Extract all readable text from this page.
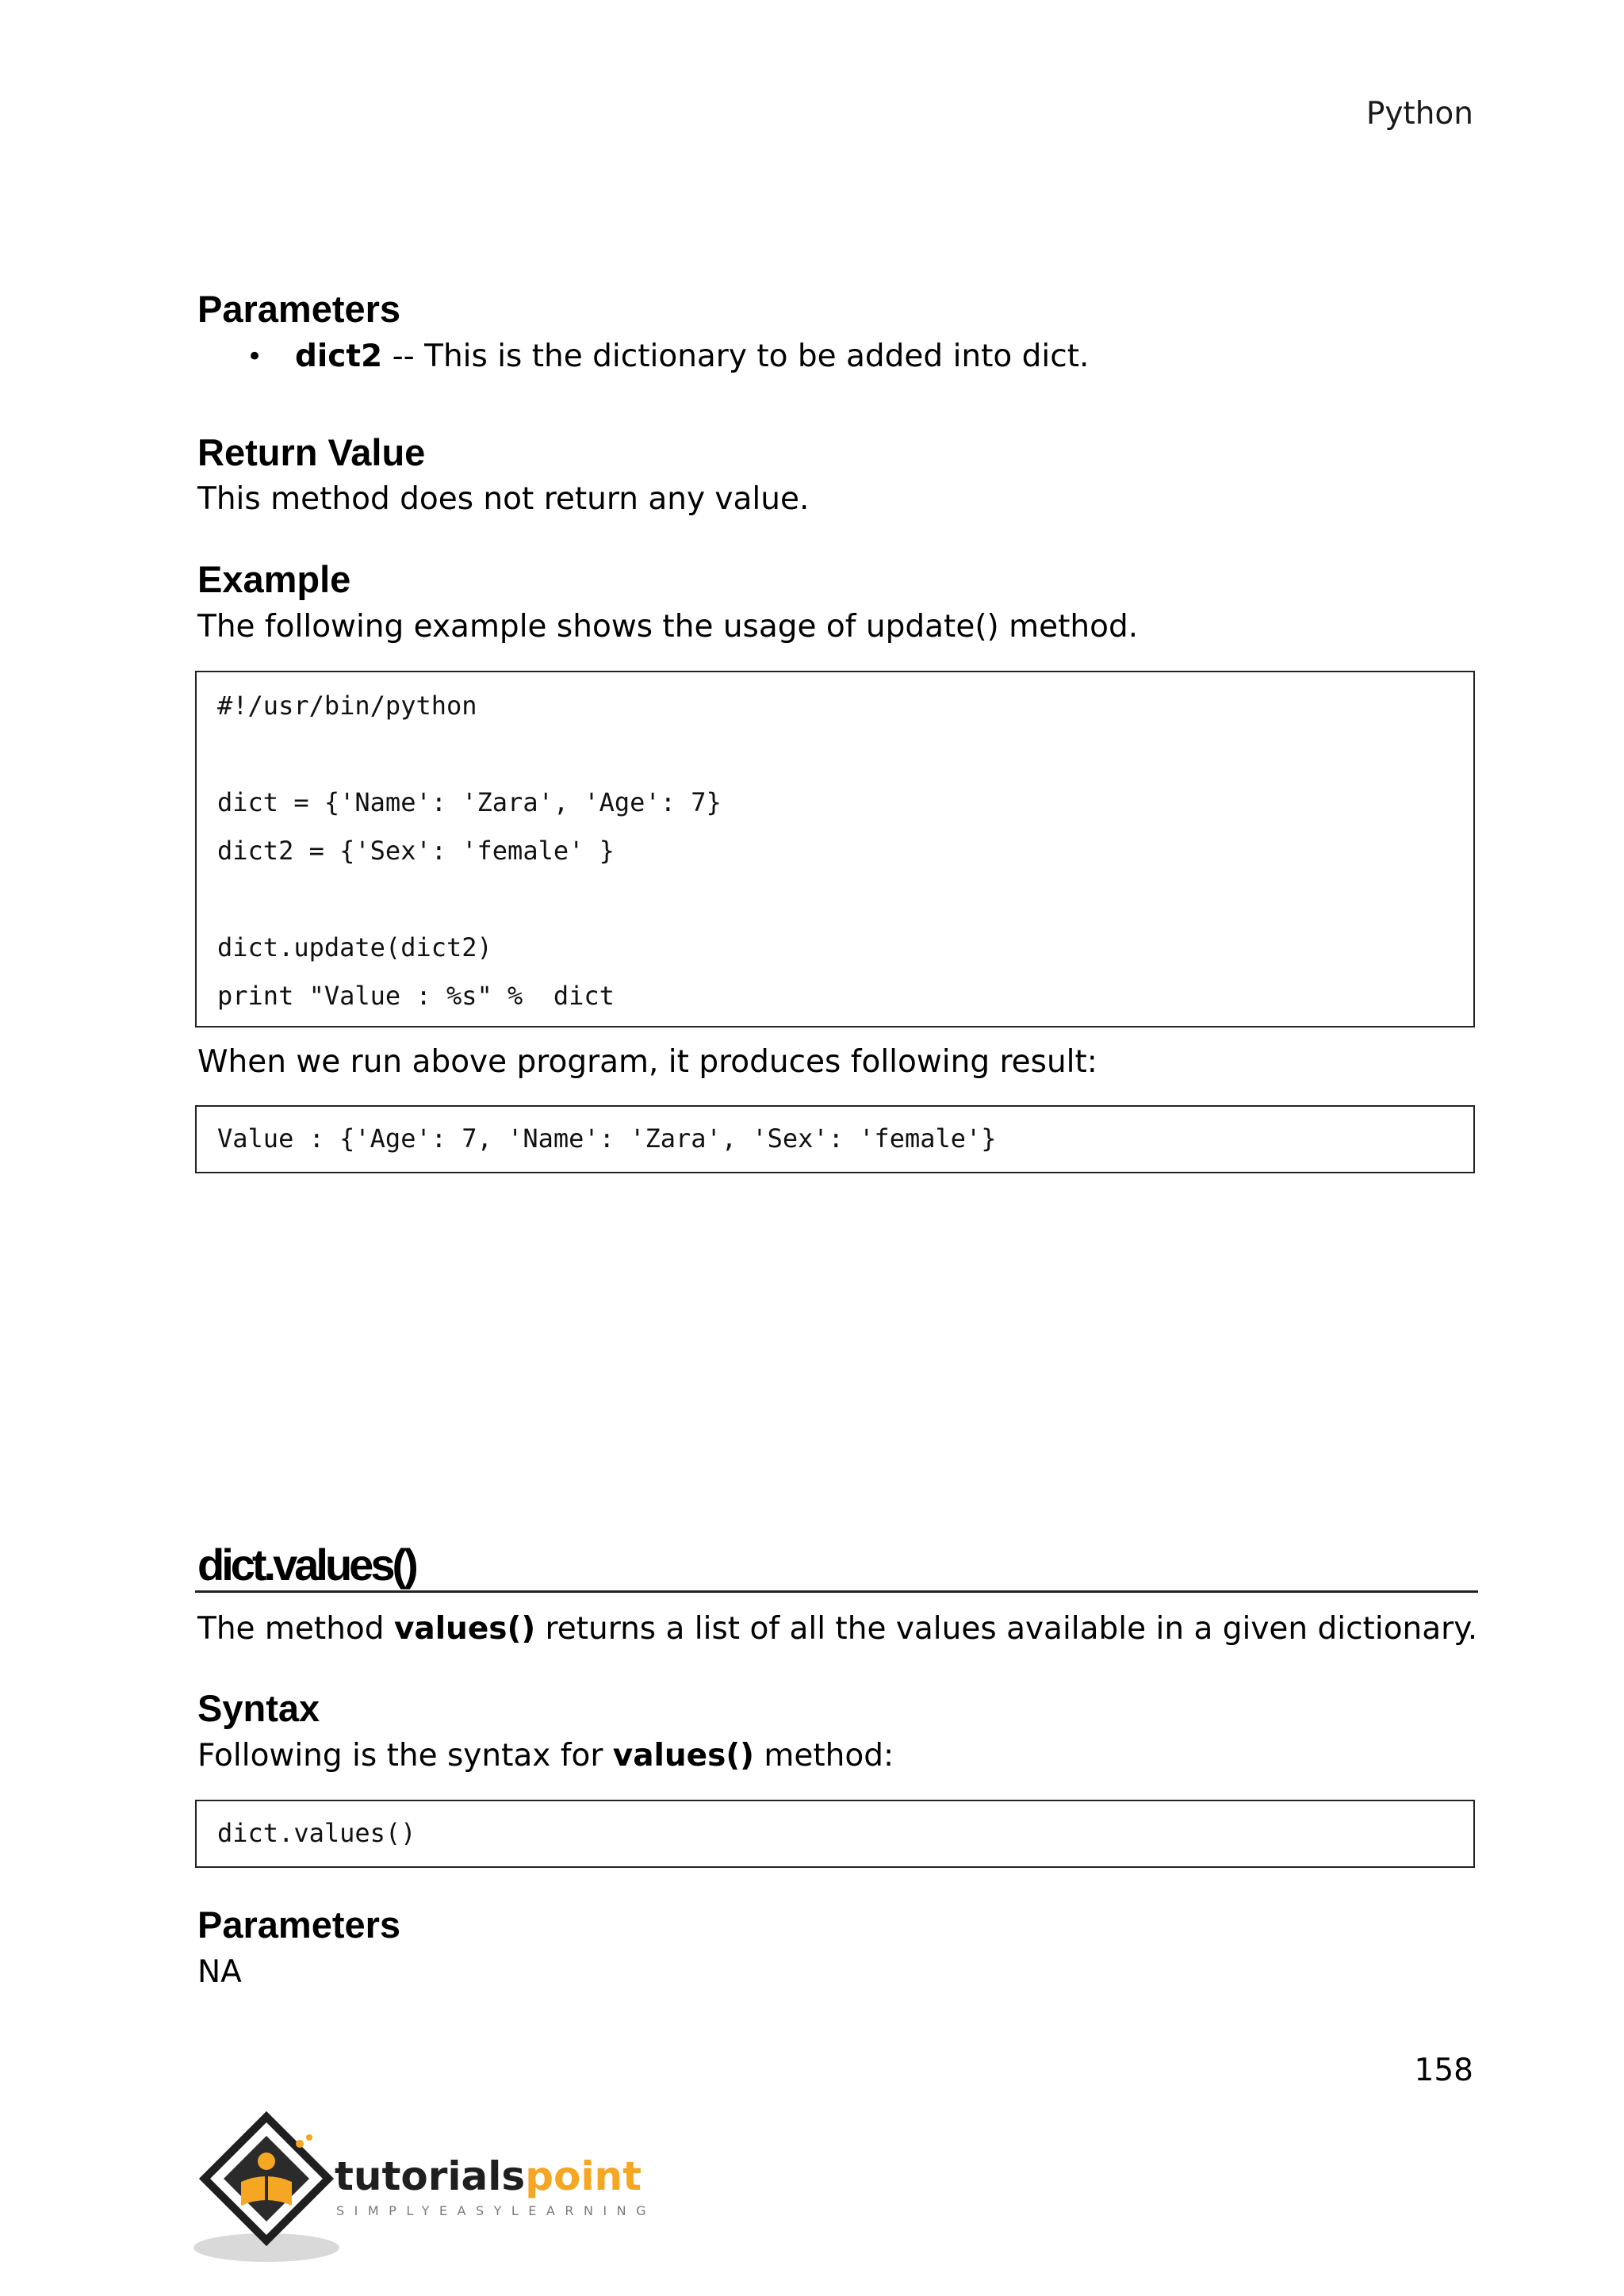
Python
Parameters
• dict2 -- This is the dictionary to be added into dict.
Return Value
This method does not return any value.
Example
The following example shows the usage of update() method.
#!/usr/bin/python
dict = {'Name': 'Zara', 'Age': 7}
dict2 = {'Sex': 'female' }
dict.update(dict2)
print "Value : %s" %  dict
When we run above program, it produces following result:
Value : {'Age': 7, 'Name': 'Zara', 'Sex': 'female'}
dict.values()
The method values() returns a list of all the values available in a given dictionary.
Syntax
Following is the syntax for values() method:
dict.values()
Parameters
NA
158
tutorialspoint
SIMPLYEASYLEARNING
